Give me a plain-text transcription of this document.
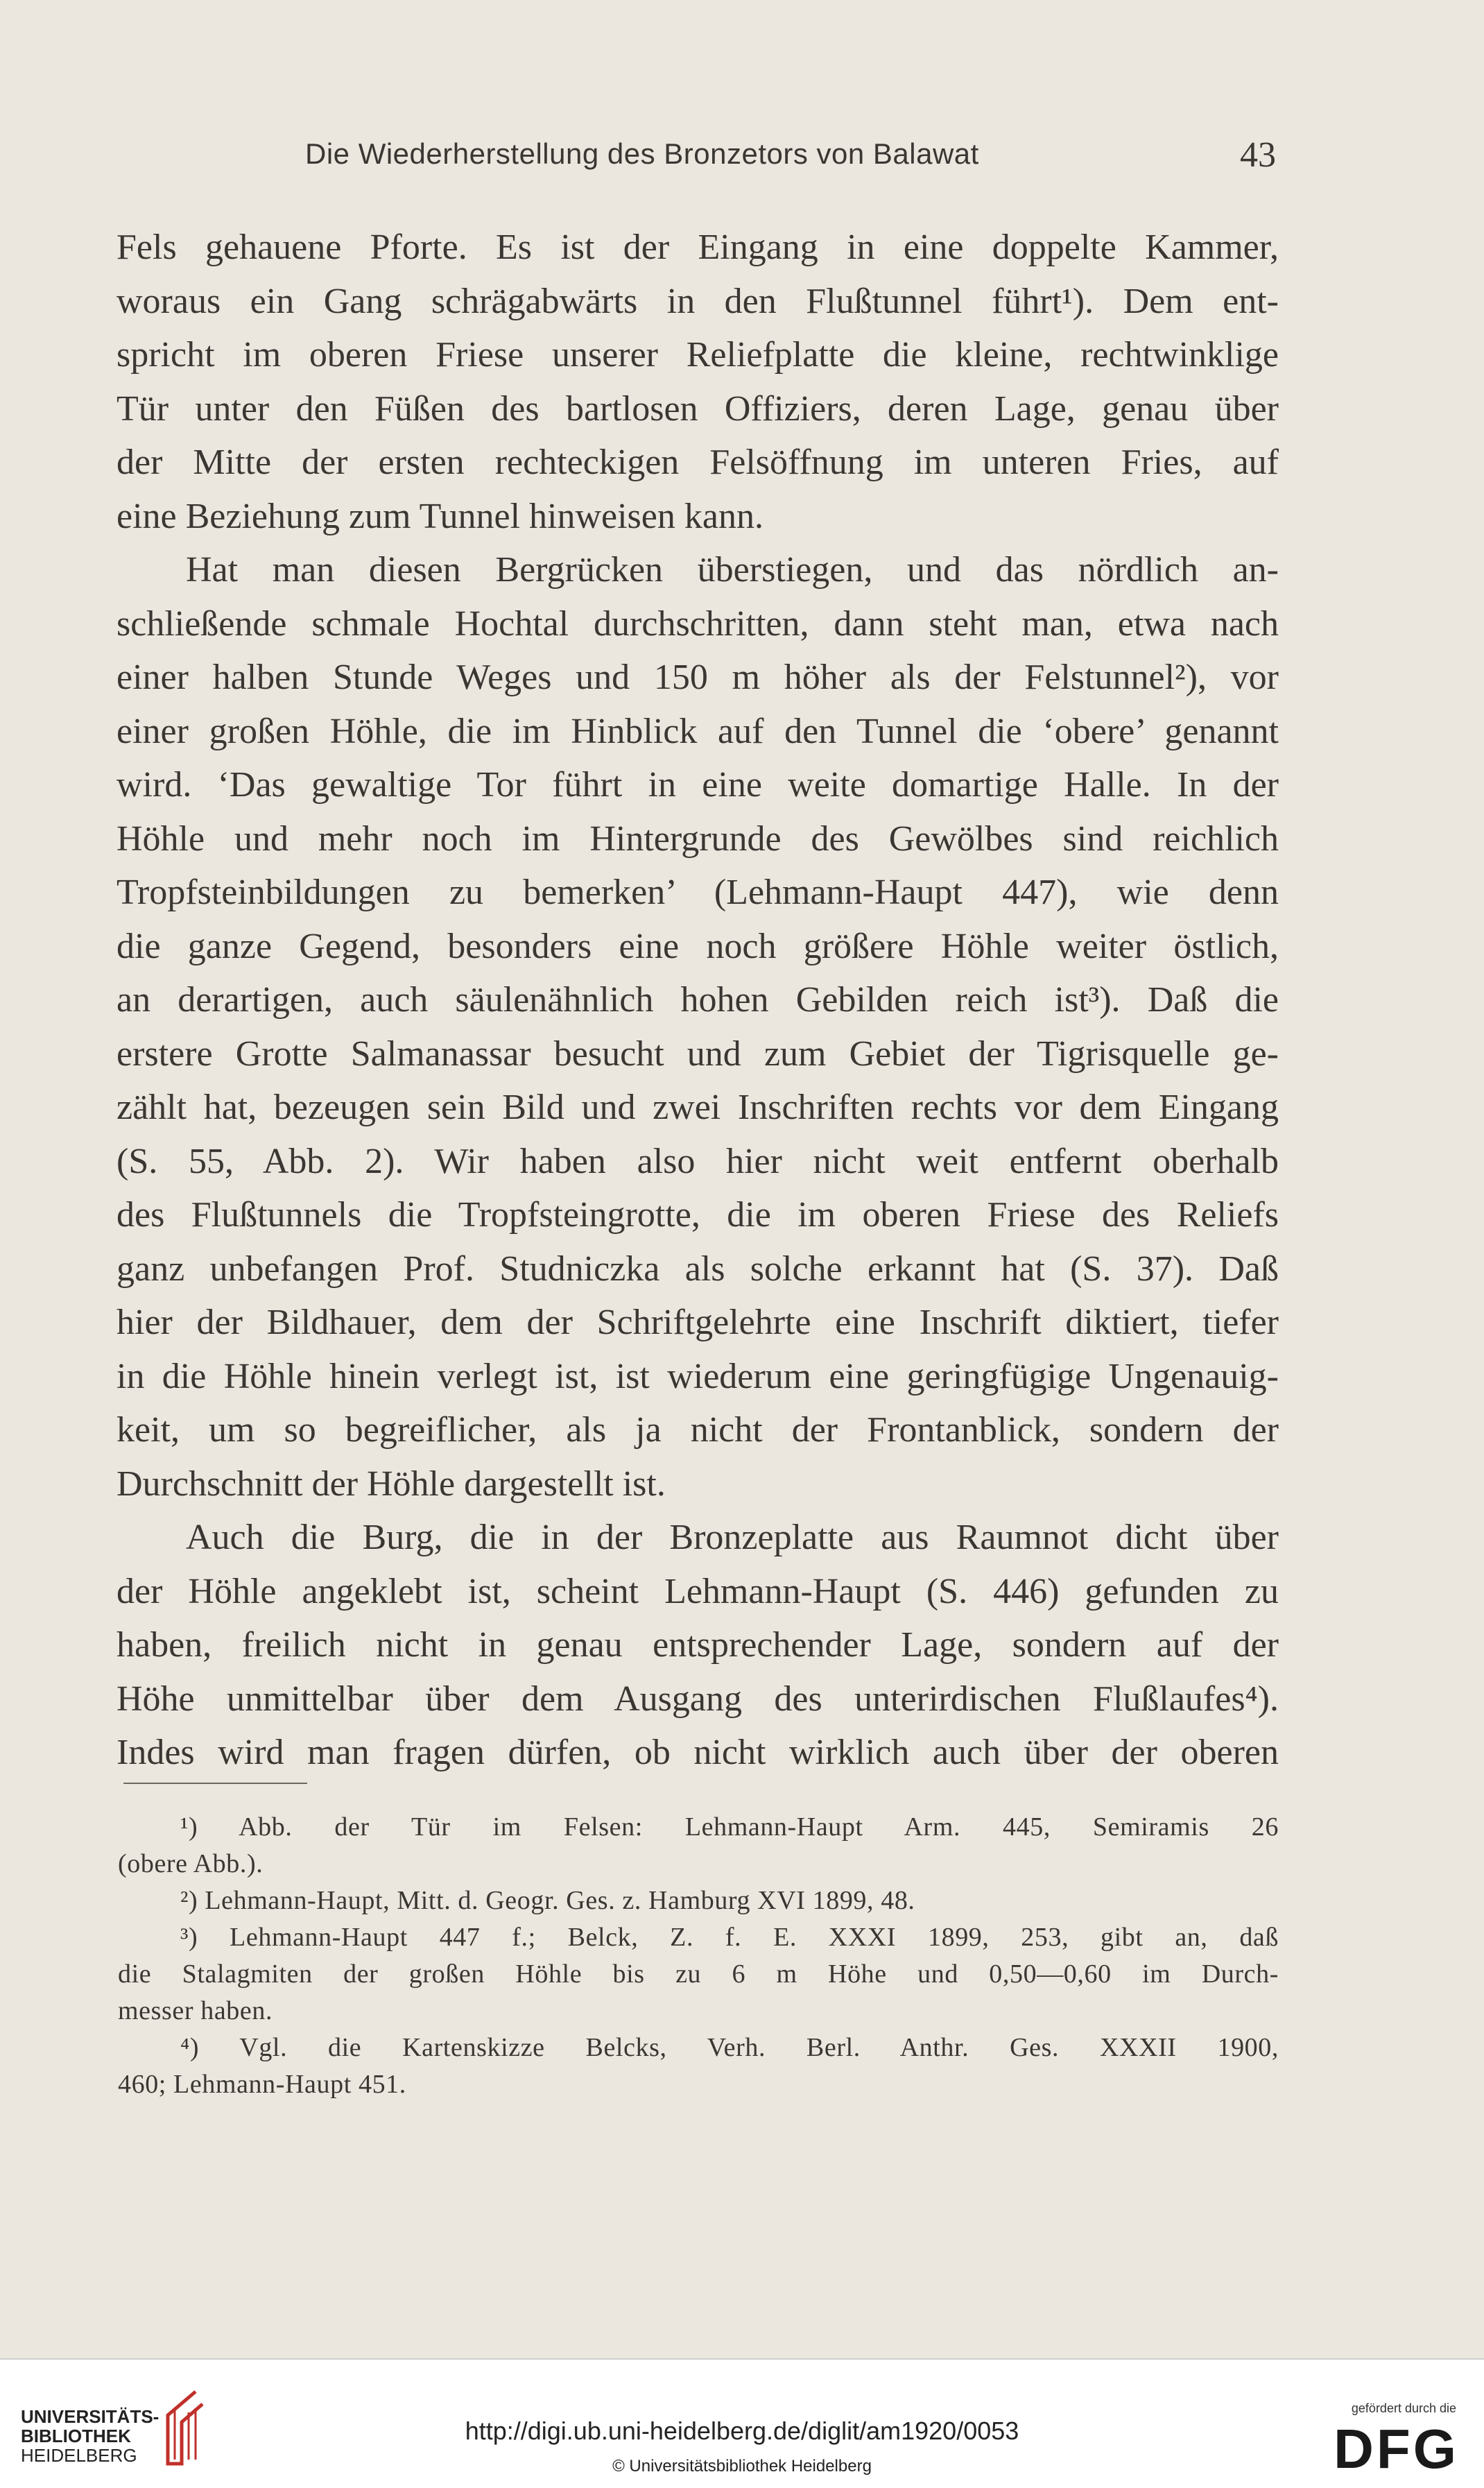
Die Wiederherstellung des Bronzetors von Balawat	43
Fels gehauene Pforte. Es ist der Eingang in eine doppelte Kammer,
woraus ein Gang schrägabwärts in den Flußtunnel führt¹). Dem ent-
spricht im oberen Friese unserer Reliefplatte die kleine, rechtwinklige
Tür unter den Füßen des bartlosen Offiziers, deren Lage, genau über
der Mitte der ersten rechteckigen Felsöffnung im unteren Fries, auf
eine Beziehung zum Tunnel hinweisen kann.
Hat man diesen Bergrücken überstiegen, und das nördlich an-
schließende schmale Hochtal durchschritten, dann steht man, etwa nach
einer halben Stunde Weges und 150 m höher als der Felstunnel²), vor
einer großen Höhle, die im Hinblick auf den Tunnel die ‘obere’ genannt
wird. ‘Das gewaltige Tor führt in eine weite domartige Halle. In der
Höhle und mehr noch im Hintergrunde des Gewölbes sind reichlich
Tropfsteinbildungen zu bemerken’ (Lehmann-Haupt 447), wie denn
die ganze Gegend, besonders eine noch größere Höhle weiter östlich,
an derartigen, auch säulenähnlich hohen Gebilden reich ist³). Daß die
erstere Grotte Salmanassar besucht und zum Gebiet der Tigrisquelle ge-
zählt hat, bezeugen sein Bild und zwei Inschriften rechts vor dem Eingang
(S. 55, Abb. 2). Wir haben also hier nicht weit entfernt oberhalb
des Flußtunnels die Tropfsteingrotte, die im oberen Friese des Reliefs
ganz unbefangen Prof. Studniczka als solche erkannt hat (S. 37). Daß
hier der Bildhauer, dem der Schriftgelehrte eine Inschrift diktiert, tiefer
in die Höhle hinein verlegt ist, ist wiederum eine geringfügige Ungenauig-
keit, um so begreiflicher, als ja nicht der Frontanblick, sondern der
Durchschnitt der Höhle dargestellt ist.
Auch die Burg, die in der Bronzeplatte aus Raumnot dicht über
der Höhle angeklebt ist, scheint Lehmann-Haupt (S. 446) gefunden zu
haben, freilich nicht in genau entsprechender Lage, sondern auf der
Höhe unmittelbar über dem Ausgang des unterirdischen Flußlaufes⁴).
Indes wird man fragen dürfen, ob nicht wirklich auch über der oberen
¹) Abb. der Tür im Felsen: Lehmann-Haupt Arm. 445, Semiramis 26
(obere Abb.).
²) Lehmann-Haupt, Mitt. d. Geogr. Ges. z. Hamburg XVI 1899, 48.
³) Lehmann-Haupt 447 f.; Belck, Z. f. E. XXXI 1899, 253, gibt an, daß
die Stalagmiten der großen Höhle bis zu 6 m Höhe und 0,50—0,60 im Durch-
messer haben.
⁴) Vgl. die Kartenskizze Belcks, Verh. Berl. Anthr. Ges. XXXII 1900,
460; Lehmann-Haupt 451.
UNIVERSITÄTS-
BIBLIOTHEK
HEIDELBERG
http://digi.ub.uni-heidelberg.de/diglit/am1920/0053
© Universitätsbibliothek Heidelberg
gefördert durch die
DFG
